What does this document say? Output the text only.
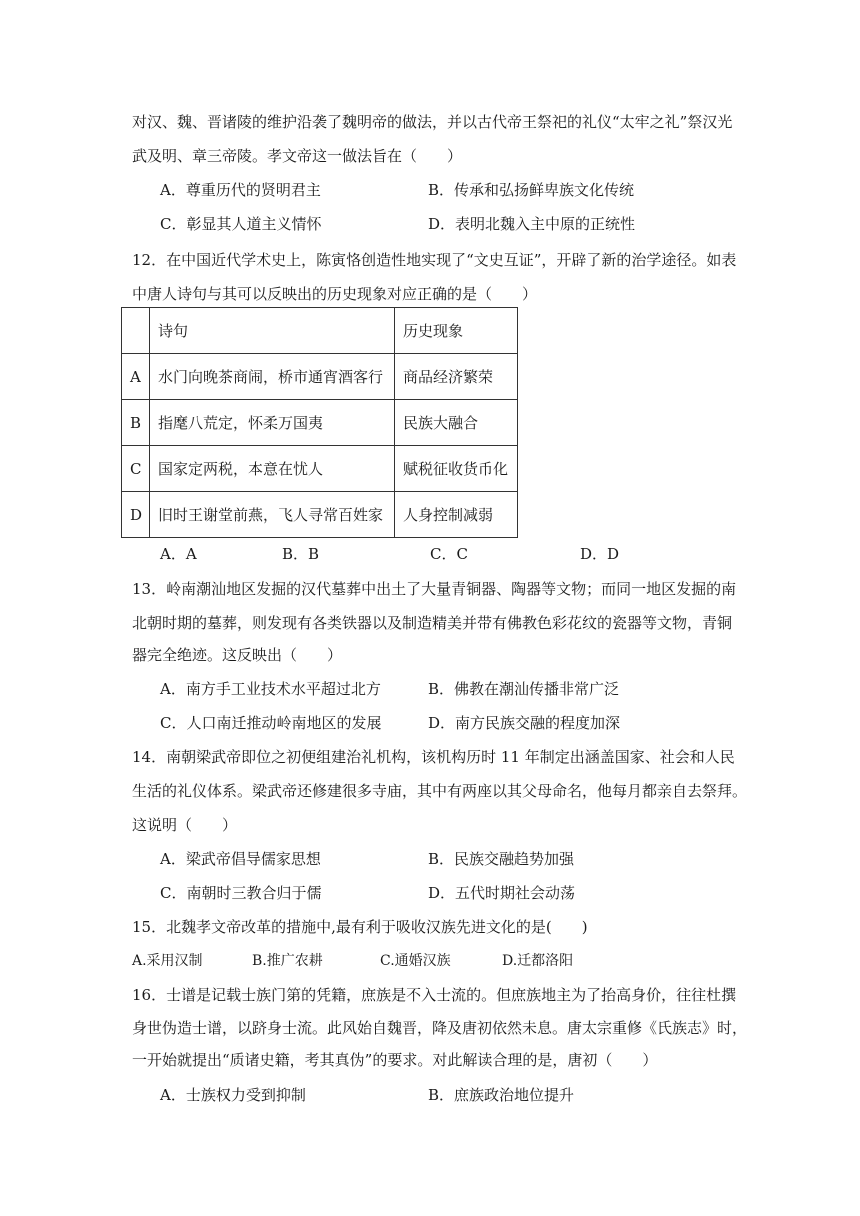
对汉、魏、晋诸陵的维护沿袭了魏明帝的做法，并以古代帝王祭祀的礼仪“太牢之礼”祭汉光
武及明、章三帝陵。孝文帝这一做法旨在（　　）
A．尊重历代的贤明君主	B．传承和弘扬鲜卑族文化传统
C．彰显其人道主义情怀	D．表明北魏入主中原的正统性
12．在中国近代学术史上，陈寅恪创造性地实现了“文史互证”，开辟了新的治学途径。如表
中唐人诗句与其可以反映出的历史现象对应正确的是（　　）
	诗句	历史现象
A	水门向晚茶商闹，桥市通宵酒客行	商品经济繁荣
B	指麾八荒定，怀柔万国夷	民族大融合
C	国家定两税，本意在忧人	赋税征收货币化
D	旧时王谢堂前燕，飞人寻常百姓家	人身控制减弱
A．A	B．B	C．C	D．D
13．岭南潮汕地区发掘的汉代墓葬中出土了大量青铜器、陶器等文物；而同一地区发掘的南
北朝时期的墓葬，则发现有各类铁器以及制造精美并带有佛教色彩花纹的瓷器等文物，青铜
器完全绝迹。这反映出（　　）
A．南方手工业技术水平超过北方	B．佛教在潮汕传播非常广泛
C．人口南迁推动岭南地区的发展	D．南方民族交融的程度加深
14．南朝梁武帝即位之初便组建治礼机构，该机构历时 11 年制定出涵盖国家、社会和人民
生活的礼仪体系。梁武帝还修建很多寺庙，其中有两座以其父母命名，他每月都亲自去祭拜。
这说明（　　）
A．梁武帝倡导儒家思想	B．民族交融趋势加强
C．南朝时三教合归于儒	D．五代时期社会动荡
15．北魏孝文帝改革的措施中,最有利于吸收汉族先进文化的是(　　)
A.采用汉制	B.推广农耕	C.通婚汉族	D.迁都洛阳
16．士谱是记载士族门第的凭籍，庶族是不入士流的。但庶族地主为了抬高身价，往往杜撰
身世伪造士谱，以跻身士流。此风始自魏晋，降及唐初依然未息。唐太宗重修《氏族志》时，
一开始就提出“质诸史籍，考其真伪”的要求。对此解读合理的是，唐初（　　）
A．士族权力受到抑制	B．庶族政治地位提升
